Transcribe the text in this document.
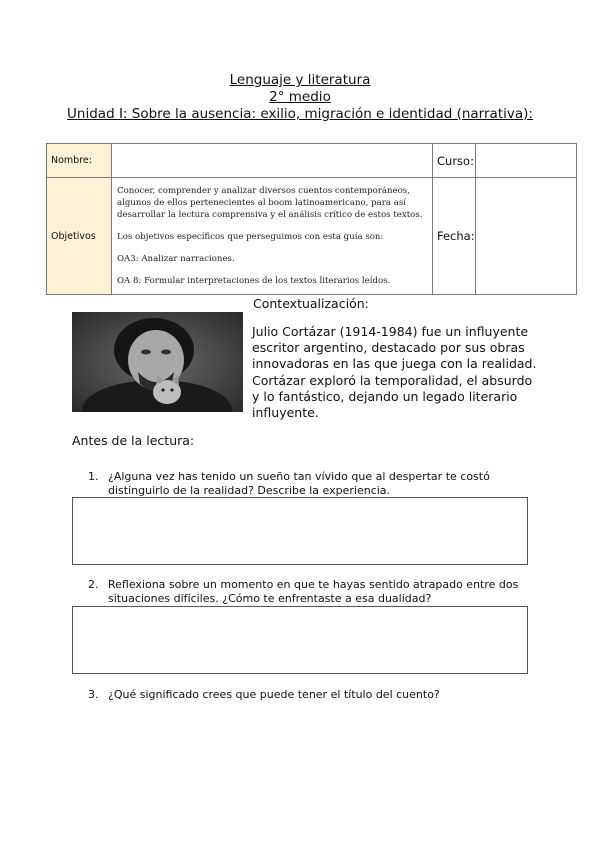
Lenguaje y literatura
2° medio
Unidad I: Sobre la ausencia: exilio, migración e identidad (narrativa):
Nombre:		Curso:	
Objetivos	Conocer, comprender y analizar diversos cuentos contemporáneos, algunos de ellos pertenecientes al boom latinoamericano, para así desarrollar la lectura comprensiva y el análisis crítico de estos textos.

Los objetivos específicos que perseguimos con esta guía son:

OA3: Analizar narraciones.

OA 8: Formular interpretaciones de los textos literarios leídos.	Fecha:	
Contextualización:
Julio Cortázar (1914-1984) fue un influyente escritor argentino, destacado por sus obras innovadoras en las que juega con la realidad. Cortázar exploró la temporalidad, el absurdo y lo fantástico, dejando un legado literario influyente.
Antes de la lectura:
1. ¿Alguna vez has tenido un sueño tan vívido que al despertar te costó distinguirlo de la realidad? Describe la experiencia.
2. Reflexiona sobre un momento en que te hayas sentido atrapado entre dos situaciones difíciles. ¿Cómo te enfrentaste a esa dualidad?
3. ¿Qué significado crees que puede tener el título del cuento?
